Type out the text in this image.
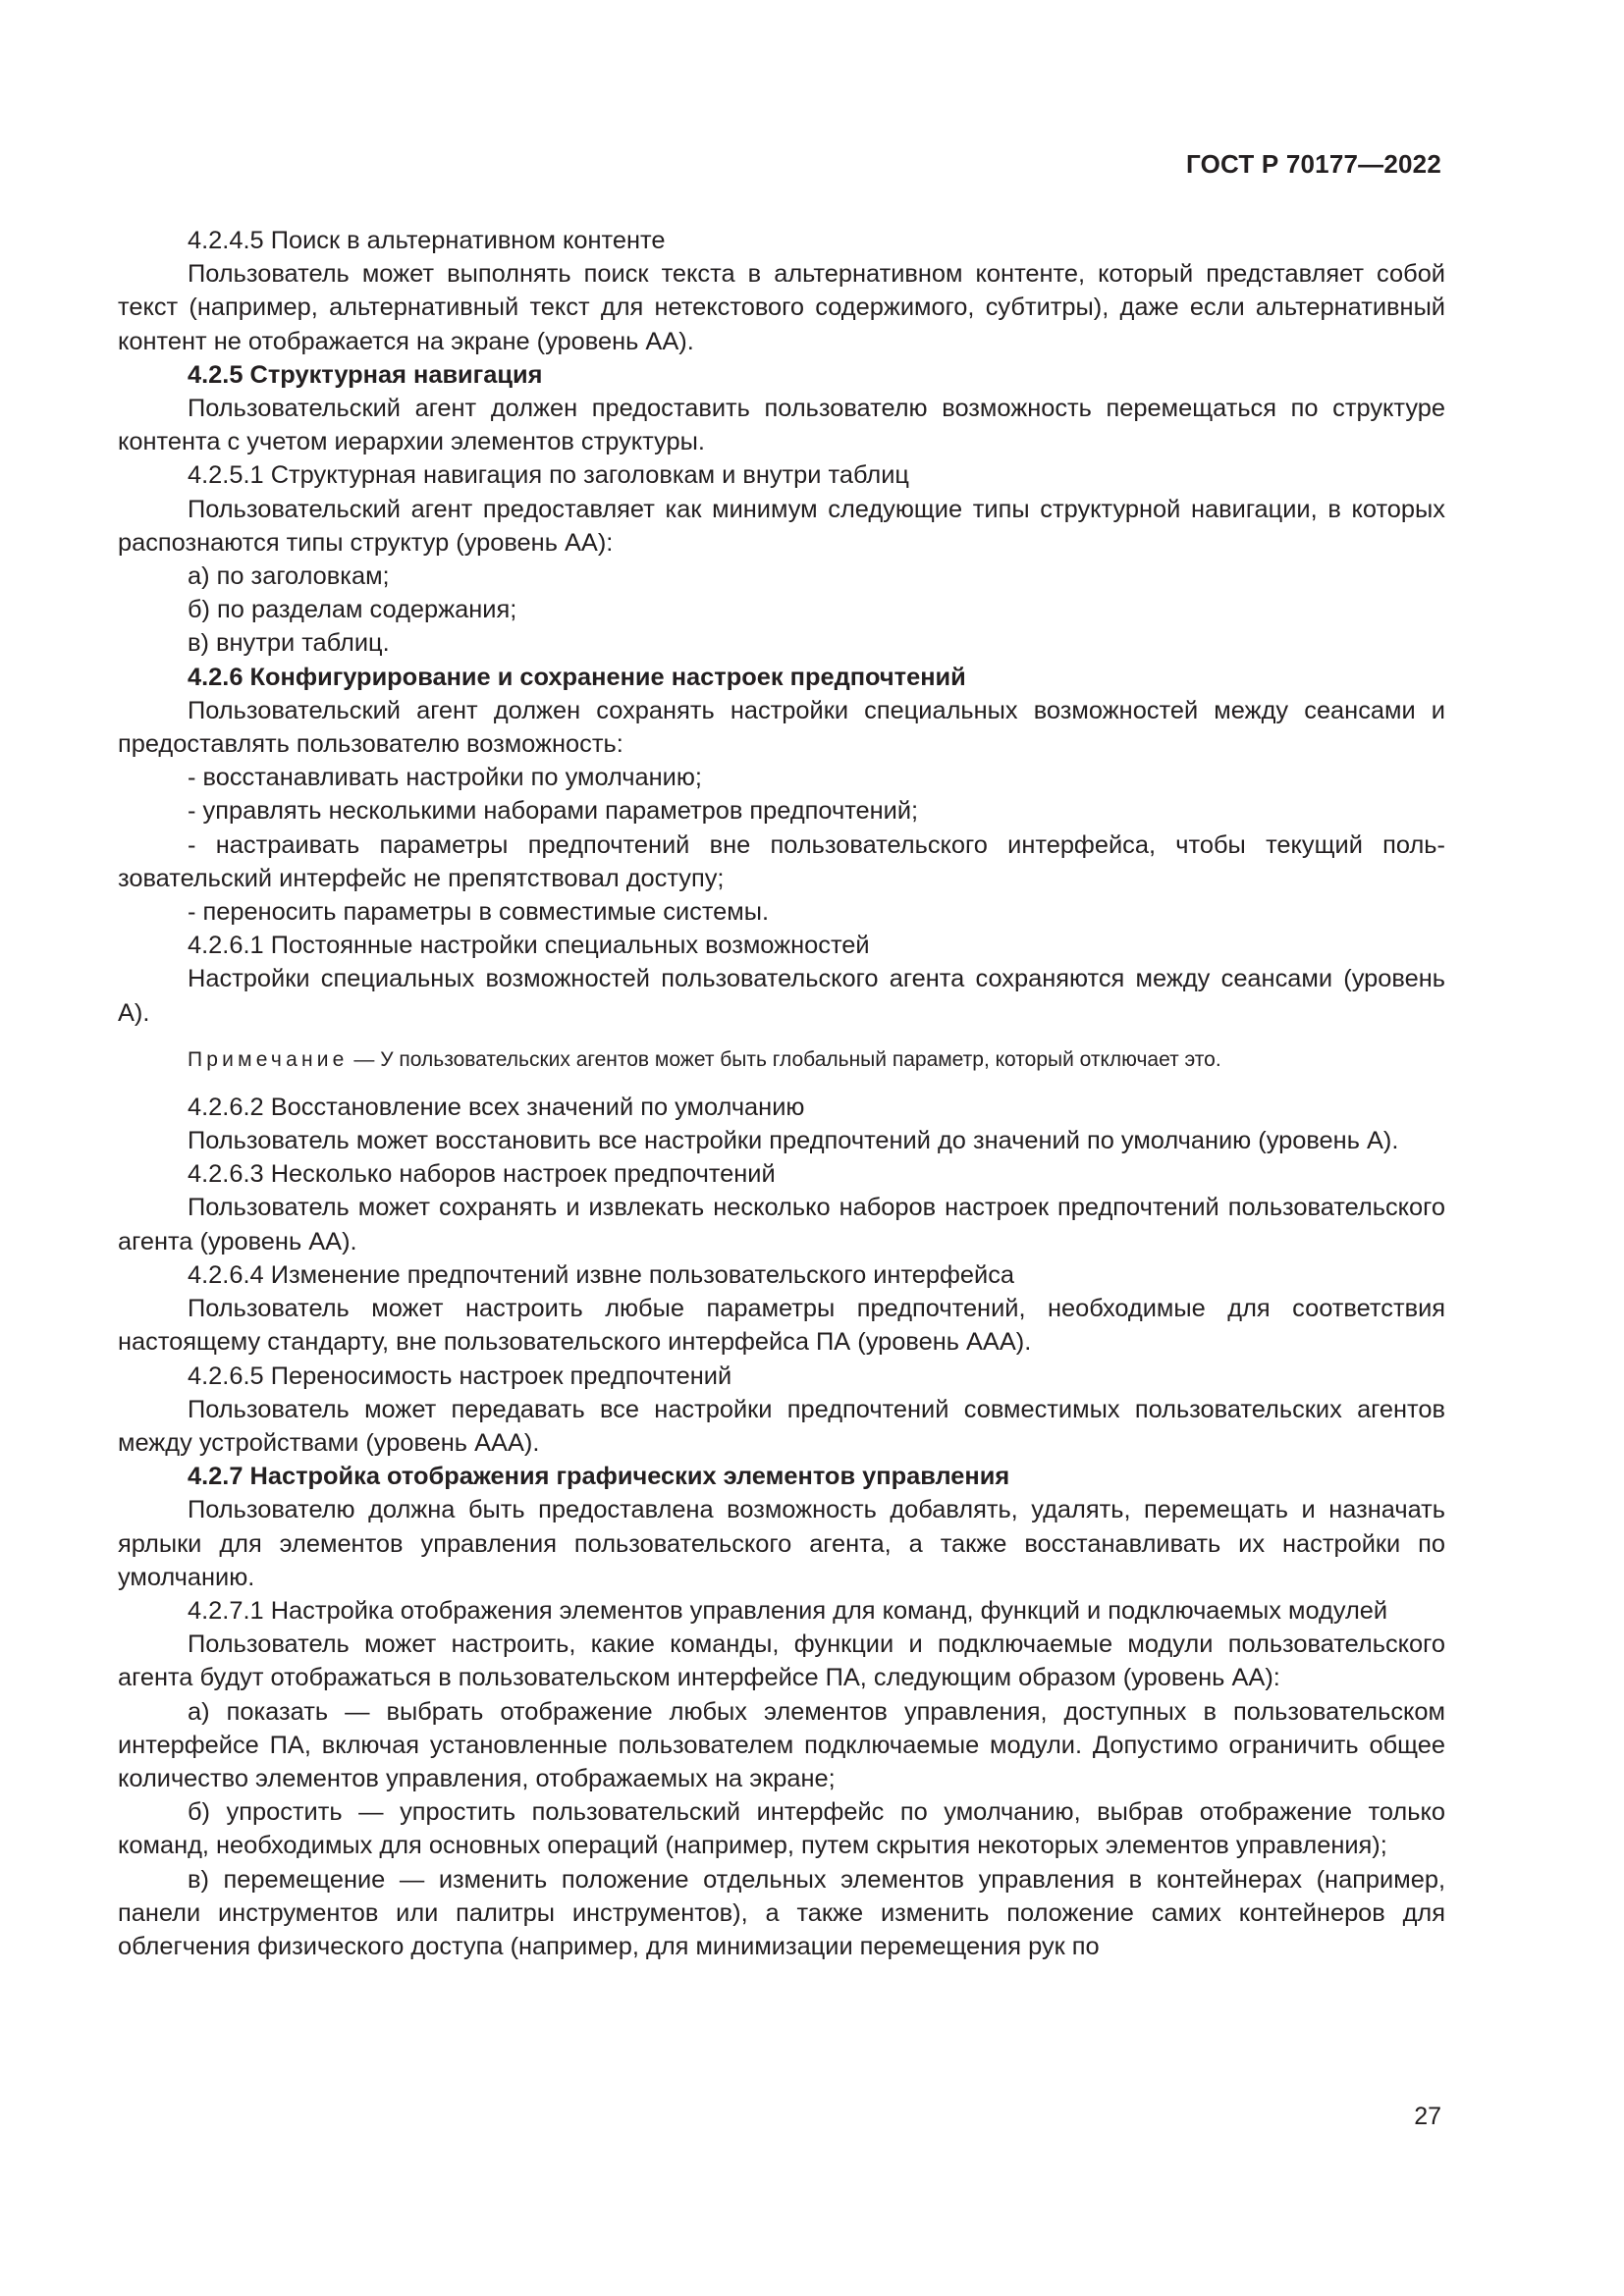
ГОСТ Р 70177—2022

4.2.4.5 Поиск в альтернативном контенте

Пользователь может выполнять поиск текста в альтернативном контенте, который представляет собой текст (например, альтернативный текст для нетекстового содержимого, субтитры), даже если альтернативный контент не отображается на экране (уровень АА).

4.2.5 Структурная навигация

Пользовательский агент должен предоставить пользователю возможность перемещаться по структуре контента с учетом иерархии элементов структуры.

4.2.5.1 Структурная навигация по заголовкам и внутри таблиц

Пользовательский агент предоставляет как минимум следующие типы структурной навигации, в которых распознаются типы структур (уровень АА):

а) по заголовкам;

б) по разделам содержания;

в) внутри таблиц.

4.2.6 Конфигурирование и сохранение настроек предпочтений

Пользовательский агент должен сохранять настройки специальных возможностей между сеансами и предоставлять пользователю возможность:

- восстанавливать настройки по умолчанию;

- управлять несколькими наборами параметров предпочтений;

- настраивать параметры предпочтений вне пользовательского интерфейса, чтобы текущий пользовательский интерфейс не препятствовал доступу;

- переносить параметры в совместимые системы.

4.2.6.1 Постоянные настройки специальных возможностей

Настройки специальных возможностей пользовательского агента сохраняются между сеансами (уровень А).

Примечание — У пользовательских агентов может быть глобальный параметр, который отключает это.

4.2.6.2 Восстановление всех значений по умолчанию

Пользователь может восстановить все настройки предпочтений до значений по умолчанию (уровень А).

4.2.6.3 Несколько наборов настроек предпочтений

Пользователь может сохранять и извлекать несколько наборов настроек предпочтений пользовательского агента (уровень АА).

4.2.6.4 Изменение предпочтений извне пользовательского интерфейса

Пользователь может настроить любые параметры предпочтений, необходимые для соответствия настоящему стандарту, вне пользовательского интерфейса ПА (уровень ААА).

4.2.6.5 Переносимость настроек предпочтений

Пользователь может передавать все настройки предпочтений совместимых пользовательских агентов между устройствами (уровень ААА).

4.2.7 Настройка отображения графических элементов управления

Пользователю должна быть предоставлена возможность добавлять, удалять, перемещать и назначать ярлыки для элементов управления пользовательского агента, а также восстанавливать их настройки по умолчанию.

4.2.7.1 Настройка отображения элементов управления для команд, функций и подключаемых модулей

Пользователь может настроить, какие команды, функции и подключаемые модули пользовательского агента будут отображаться в пользовательском интерфейсе ПА, следующим образом (уровень АА):

а) показать — выбрать отображение любых элементов управления, доступных в пользовательском интерфейсе ПА, включая установленные пользователем подключаемые модули. Допустимо ограничить общее количество элементов управления, отображаемых на экране;

б) упростить — упростить пользовательский интерфейс по умолчанию, выбрав отображение только команд, необходимых для основных операций (например, путем скрытия некоторых элементов управления);

в) перемещение — изменить положение отдельных элементов управления в контейнерах (например, панели инструментов или палитры инструментов), а также изменить положение самих контейнеров для облегчения физического доступа (например, для минимизации перемещения рук по

27
